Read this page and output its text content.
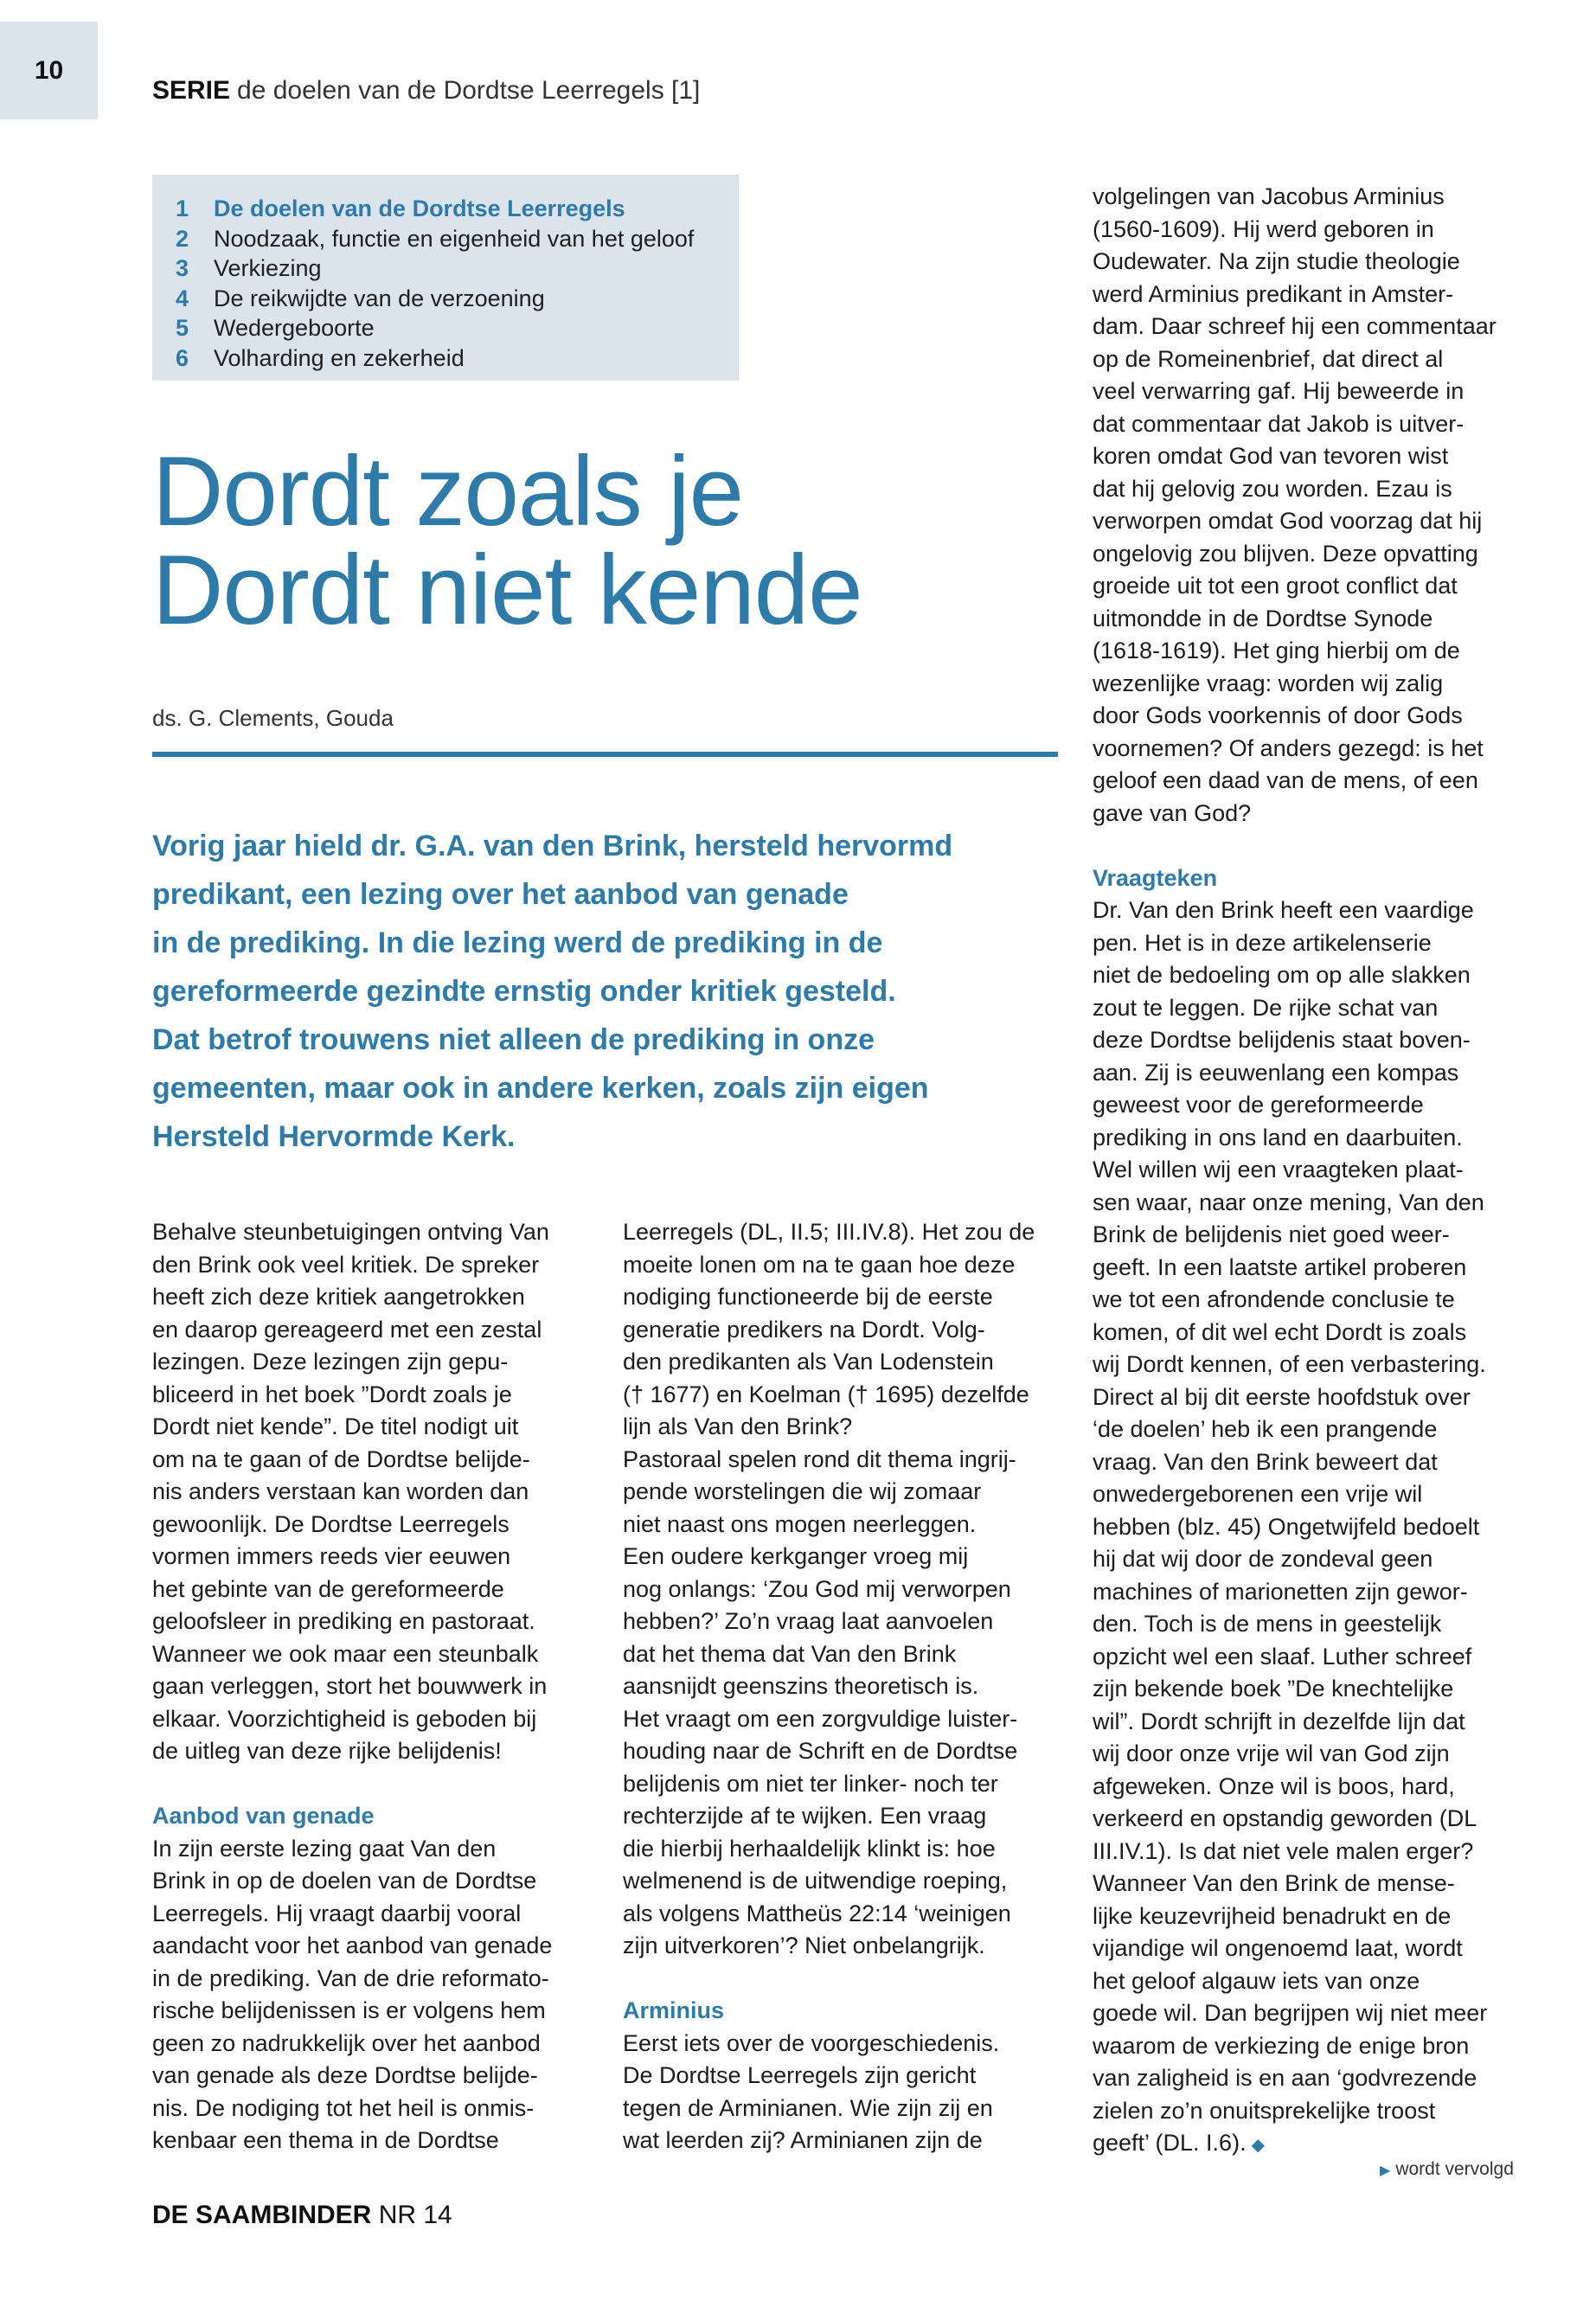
10
SERIE de doelen van de Dordtse Leerregels [1]
1 De doelen van de Dordtse Leerregels
2 Noodzaak, functie en eigenheid van het geloof
3 Verkiezing
4 De reikwijdte van de verzoening
5 Wedergeboorte
6 Volharding en zekerheid
Dordt zoals je
Dordt niet kende
ds. G. Clements, Gouda
Vorig jaar hield dr. G.A. van den Brink, hersteld hervormd
predikant, een lezing over het aanbod van genade
in de prediking. In die lezing werd de prediking in de
gereformeerde gezindte ernstig onder kritiek gesteld.
Dat betrof trouwens niet alleen de prediking in onze
gemeenten, maar ook in andere kerken, zoals zijn eigen
Hersteld Hervormde Kerk.
Behalve steunbetuigingen ontving Van
den Brink ook veel kritiek. De spreker
heeft zich deze kritiek aangetrokken
en daarop gereageerd met een zestal
lezingen. Deze lezingen zijn gepu-
bliceerd in het boek ”Dordt zoals je
Dordt niet kende”. De titel nodigt uit
om na te gaan of de Dordtse belijde-
nis anders verstaan kan worden dan
gewoonlijk. De Dordtse Leerregels
vormen immers reeds vier eeuwen
het gebinte van de gereformeerde
geloofsleer in prediking en pastoraat.
Wanneer we ook maar een steunbalk
gaan verleggen, stort het bouwwerk in
elkaar. Voorzichtigheid is geboden bij
de uitleg van deze rijke belijdenis!
Aanbod van genade
In zijn eerste lezing gaat Van den
Brink in op de doelen van de Dordtse
Leerregels. Hij vraagt daarbij vooral
aandacht voor het aanbod van genade
in de prediking. Van de drie reformato-
rische belijdenissen is er volgens hem
geen zo nadrukkelijk over het aanbod
van genade als deze Dordtse belijde-
nis. De nodiging tot het heil is onmis-
kenbaar een thema in de Dordtse
Leerregels (DL, II.5; III.IV.8). Het zou de
moeite lonen om na te gaan hoe deze
nodiging functioneerde bij de eerste
generatie predikers na Dordt. Volg-
den predikanten als Van Lodenstein
(† 1677) en Koelman († 1695) dezelfde
lijn als Van den Brink?
Pastoraal spelen rond dit thema ingrij-
pende worstelingen die wij zomaar
niet naast ons mogen neerleggen.
Een oudere kerkganger vroeg mij
nog onlangs: ‘Zou God mij verworpen
hebben?’ Zo’n vraag laat aanvoelen
dat het thema dat Van den Brink
aansnijdt geenszins theoretisch is.
Het vraagt om een zorgvuldige luister-
houding naar de Schrift en de Dordtse
belijdenis om niet ter linker- noch ter
rechterzijde af te wijken. Een vraag
die hierbij herhaaldelijk klinkt is: hoe
welmenend is de uitwendige roeping,
als volgens Mattheüs 22:14 ‘weinigen
zijn uitverkoren’? Niet onbelangrijk.
Arminius
Eerst iets over de voorgeschiedenis.
De Dordtse Leerregels zijn gericht
tegen de Arminianen. Wie zijn zij en
wat leerden zij? Arminianen zijn de
volgelingen van Jacobus Arminius
(1560-1609). Hij werd geboren in
Oudewater. Na zijn studie theologie
werd Arminius predikant in Amster-
dam. Daar schreef hij een commentaar
op de Romeinenbrief, dat direct al
veel verwarring gaf. Hij beweerde in
dat commentaar dat Jakob is uitver-
koren omdat God van tevoren wist
dat hij gelovig zou worden. Ezau is
verworpen omdat God voorzag dat hij
ongelovig zou blijven. Deze opvatting
groeide uit tot een groot conflict dat
uitmondde in de Dordtse Synode
(1618-1619). Het ging hierbij om de
wezenlijke vraag: worden wij zalig
door Gods voorkennis of door Gods
voornemen? Of anders gezegd: is het
geloof een daad van de mens, of een
gave van God?
Vraagteken
Dr. Van den Brink heeft een vaardige
pen. Het is in deze artikelenserie
niet de bedoeling om op alle slakken
zout te leggen. De rijke schat van
deze Dordtse belijdenis staat boven-
aan. Zij is eeuwenlang een kompas
geweest voor de gereformeerde
prediking in ons land en daarbuiten.
Wel willen wij een vraagteken plaat-
sen waar, naar onze mening, Van den
Brink de belijdenis niet goed weer-
geeft. In een laatste artikel proberen
we tot een afrondende conclusie te
komen, of dit wel echt Dordt is zoals
wij Dordt kennen, of een verbastering.
Direct al bij dit eerste hoofdstuk over
‘de doelen’ heb ik een prangende
vraag. Van den Brink beweert dat
onwedergeborenen een vrije wil
hebben (blz. 45) Ongetwijfeld bedoelt
hij dat wij door de zondeval geen
machines of marionetten zijn gewor-
den. Toch is de mens in geestelijk
opzicht wel een slaaf. Luther schreef
zijn bekende boek ”De knechtelijke
wil”. Dordt schrijft in dezelfde lijn dat
wij door onze vrije wil van God zijn
afgeweken. Onze wil is boos, hard,
verkeerd en opstandig geworden (DL
III.IV.1). Is dat niet vele malen erger?
Wanneer Van den Brink de mense-
lijke keuzevrijheid benadrukt en de
vijandige wil ongenoemd laat, wordt
het geloof algauw iets van onze
goede wil. Dan begrijpen wij niet meer
waarom de verkiezing de enige bron
van zaligheid is en aan ‘godvrezende
zielen zo’n onuitsprekelijke troost
geeft’ (DL. I.6). ◆
▶ wordt vervolgd
DE SAAMBINDER NR 14
